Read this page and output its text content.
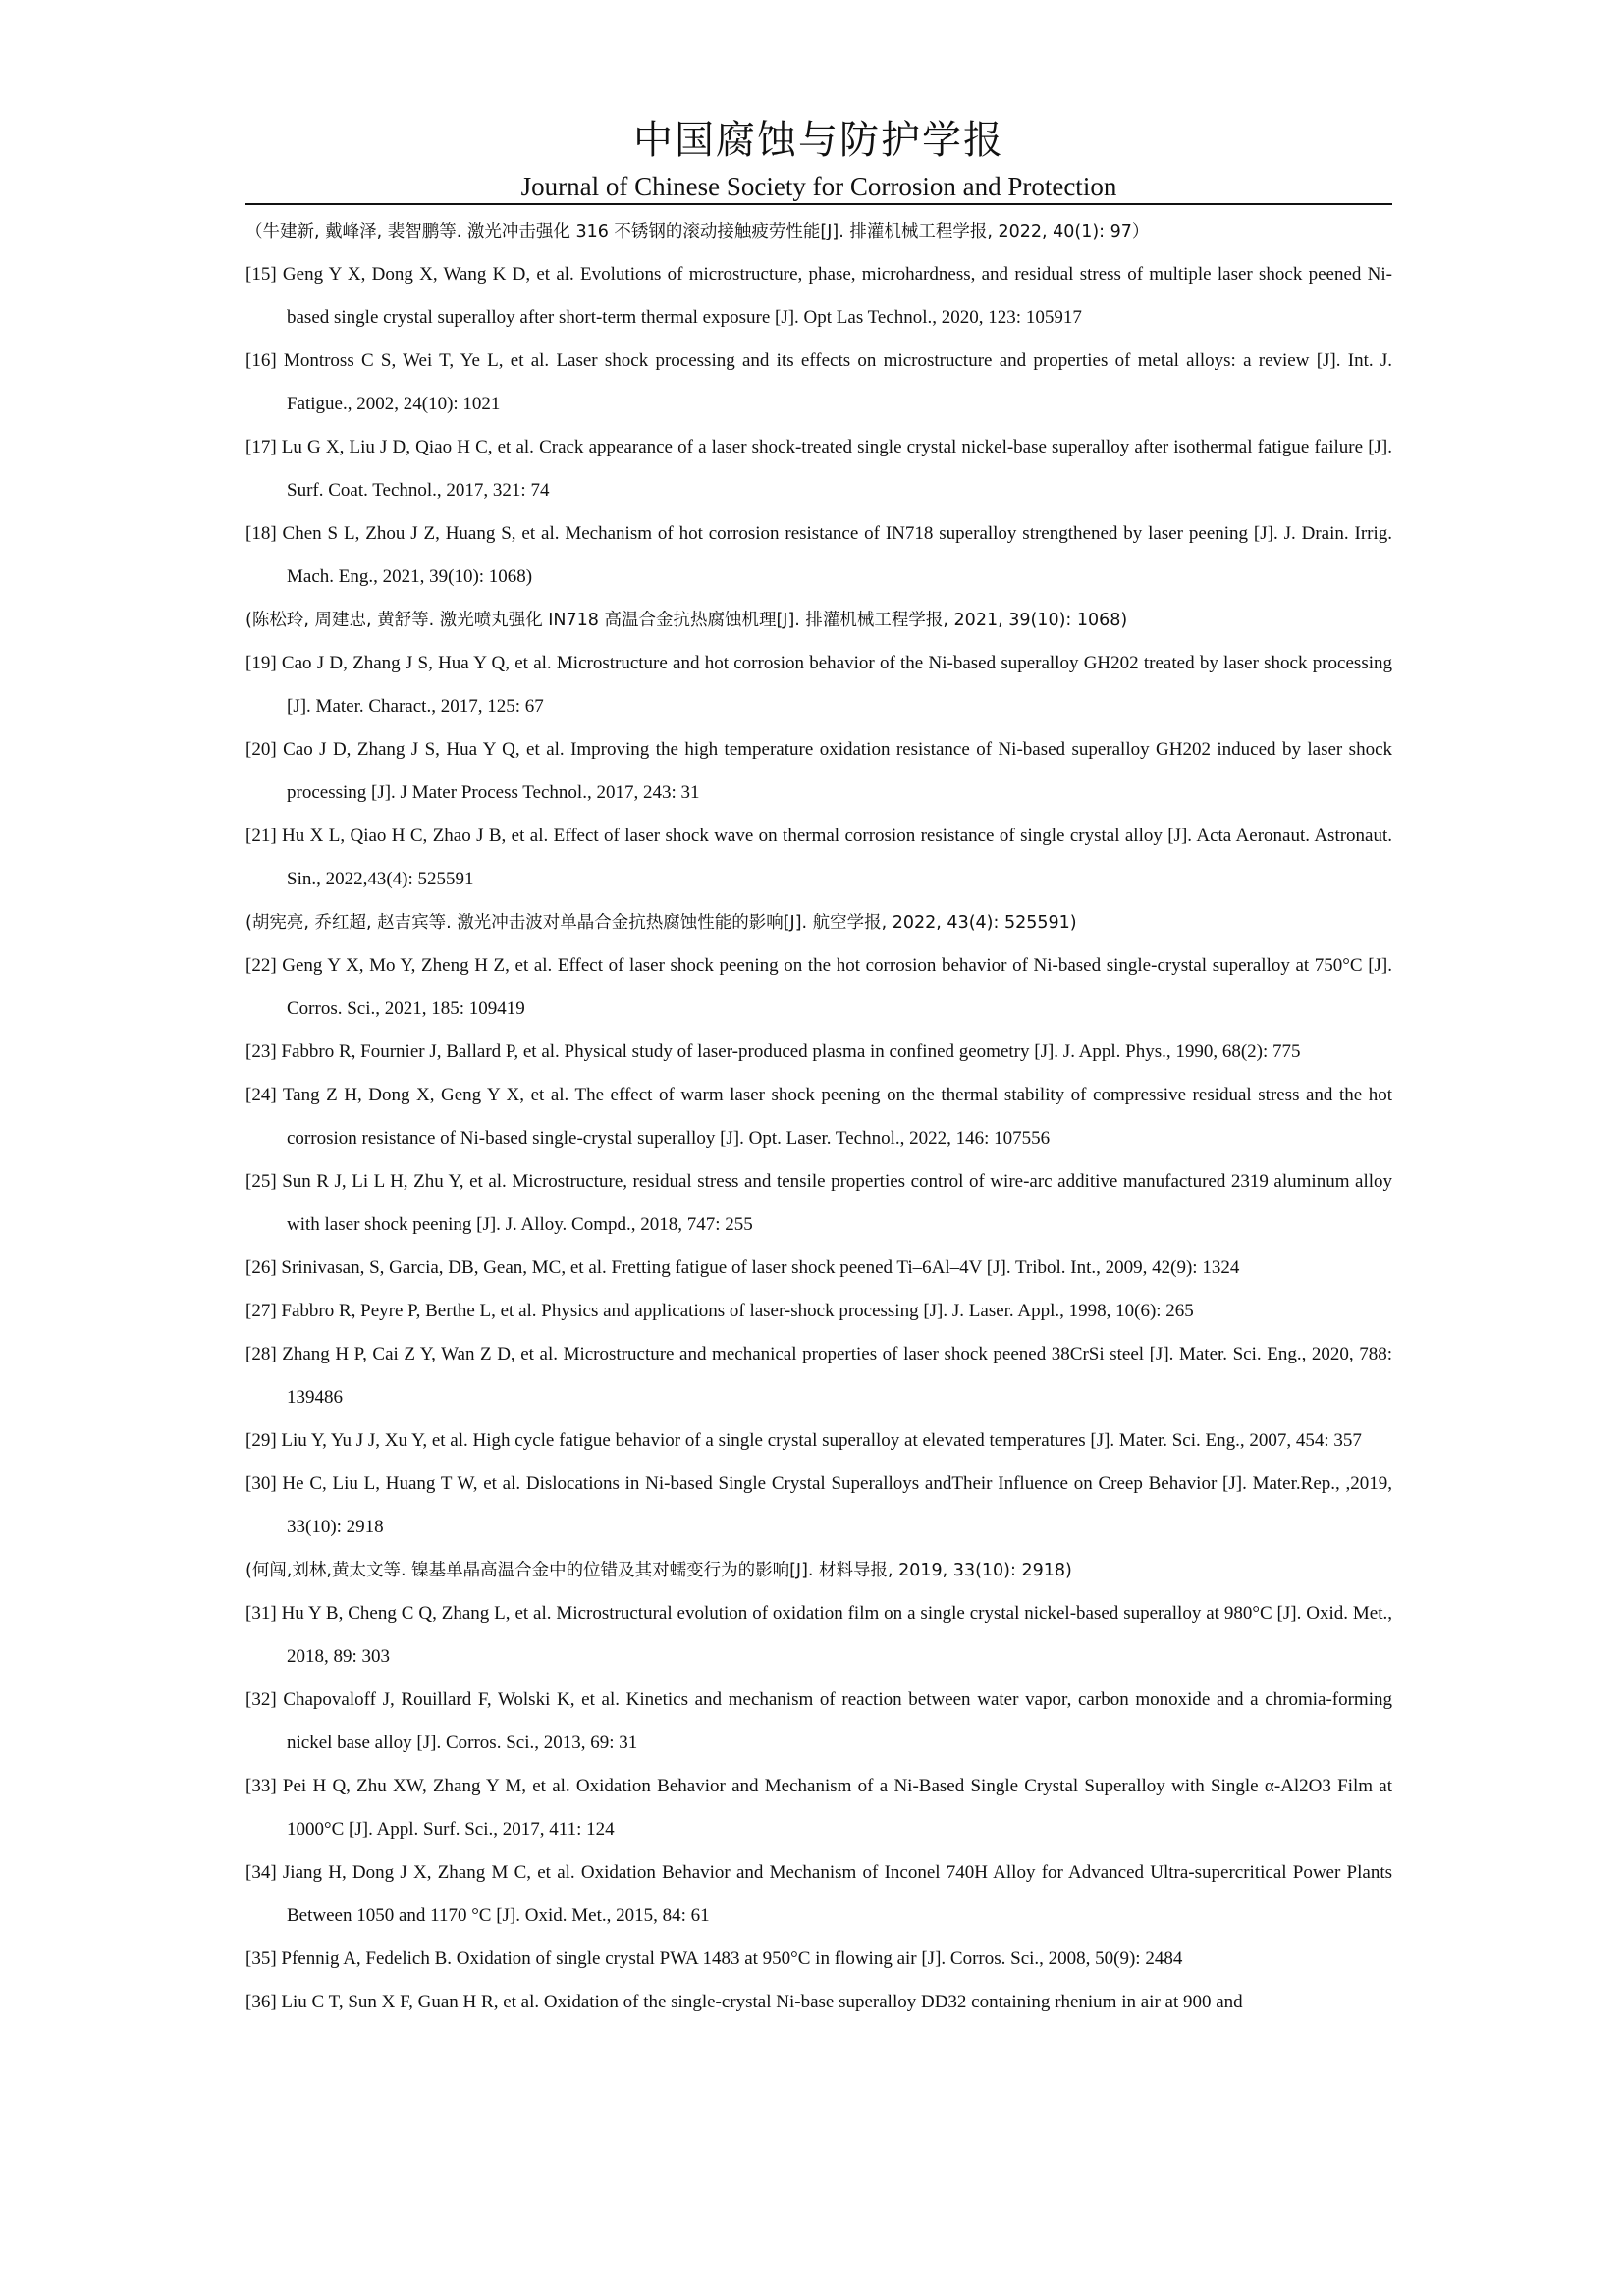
中国腐蚀与防护学报
Journal of Chinese Society for Corrosion and Protection

（牛建新, 戴峰泽, 裴智鹏等. 激光冲击强化 316 不锈钢的滚动接触疲劳性能[J]. 排灌机械工程学报, 2022, 40(1): 97）

[15] Geng Y X, Dong X, Wang K D, et al. Evolutions of microstructure, phase, microhardness, and residual stress of multiple laser shock peened Ni-based single crystal superalloy after short-term thermal exposure [J]. Opt Las Technol., 2020, 123: 105917

[16] Montross C S, Wei T, Ye L, et al. Laser shock processing and its effects on microstructure and properties of metal alloys: a review [J]. Int. J. Fatigue., 2002, 24(10): 1021

[17] Lu G X, Liu J D, Qiao H C, et al. Crack appearance of a laser shock-treated single crystal nickel-base superalloy after isothermal fatigue failure [J]. Surf. Coat. Technol., 2017, 321: 74

[18] Chen S L, Zhou J Z, Huang S, et al. Mechanism of hot corrosion resistance of IN718 superalloy strengthened by laser peening [J]. J. Drain. Irrig. Mach. Eng., 2021, 39(10): 1068)

(陈松玲, 周建忠, 黄舒等. 激光喷丸强化 IN718 高温合金抗热腐蚀机理[J]. 排灌机械工程学报, 2021, 39(10): 1068)

[19] Cao J D, Zhang J S, Hua Y Q, et al. Microstructure and hot corrosion behavior of the Ni-based superalloy GH202 treated by laser shock processing [J]. Mater. Charact., 2017, 125: 67

[20] Cao J D, Zhang J S, Hua Y Q, et al. Improving the high temperature oxidation resistance of Ni-based superalloy GH202 induced by laser shock processing [J]. J Mater Process Technol., 2017, 243: 31

[21] Hu X L, Qiao H C, Zhao J B, et al. Effect of laser shock wave on thermal corrosion resistance of single crystal alloy [J]. Acta Aeronaut. Astronaut. Sin., 2022,43(4): 525591

(胡宪亮, 乔红超, 赵吉宾等. 激光冲击波对单晶合金抗热腐蚀性能的影响[J]. 航空学报, 2022, 43(4): 525591)

[22] Geng Y X, Mo Y, Zheng H Z, et al. Effect of laser shock peening on the hot corrosion behavior of Ni-based single-crystal superalloy at 750°C [J]. Corros. Sci., 2021, 185: 109419

[23] Fabbro R, Fournier J, Ballard P, et al. Physical study of laser-produced plasma in confined geometry [J]. J. Appl. Phys., 1990, 68(2): 775

[24] Tang Z H, Dong X, Geng Y X, et al. The effect of warm laser shock peening on the thermal stability of compressive residual stress and the hot corrosion resistance of Ni-based single-crystal superalloy [J]. Opt. Laser. Technol., 2022, 146: 107556

[25] Sun R J, Li L H, Zhu Y, et al. Microstructure, residual stress and tensile properties control of wire-arc additive manufactured 2319 aluminum alloy with laser shock peening [J]. J. Alloy. Compd., 2018, 747: 255

[26] Srinivasan, S, Garcia, DB, Gean, MC, et al. Fretting fatigue of laser shock peened Ti–6Al–4V [J]. Tribol. Int., 2009, 42(9): 1324

[27] Fabbro R, Peyre P, Berthe L, et al. Physics and applications of laser-shock processing [J]. J. Laser. Appl., 1998, 10(6): 265

[28] Zhang H P, Cai Z Y, Wan Z D, et al. Microstructure and mechanical properties of laser shock peened 38CrSi steel [J]. Mater. Sci. Eng., 2020, 788: 139486

[29] Liu Y, Yu J J, Xu Y, et al. High cycle fatigue behavior of a single crystal superalloy at elevated temperatures [J]. Mater. Sci. Eng., 2007, 454: 357

[30] He C, Liu L, Huang T W, et al. Dislocations in Ni-based Single Crystal Superalloys andTheir Influence on Creep Behavior [J]. Mater.Rep., ,2019, 33(10): 2918

(何闯,刘林,黄太文等. 镍基单晶高温合金中的位错及其对蠕变行为的影响[J]. 材料导报, 2019, 33(10): 2918)

[31] Hu Y B, Cheng C Q, Zhang L, et al. Microstructural evolution of oxidation film on a single crystal nickel-based superalloy at 980°C [J]. Oxid. Met., 2018, 89: 303

[32] Chapovaloff J, Rouillard F, Wolski K, et al. Kinetics and mechanism of reaction between water vapor, carbon monoxide and a chromia-forming nickel base alloy [J]. Corros. Sci., 2013, 69: 31

[33] Pei H Q, Zhu XW, Zhang Y M, et al. Oxidation Behavior and Mechanism of a Ni-Based Single Crystal Superalloy with Single α-Al2O3 Film at 1000°C [J]. Appl. Surf. Sci., 2017, 411: 124

[34] Jiang H, Dong J X, Zhang M C, et al. Oxidation Behavior and Mechanism of Inconel 740H Alloy for Advanced Ultra-supercritical Power Plants Between 1050 and 1170 °C [J]. Oxid. Met., 2015, 84: 61

[35] Pfennig A, Fedelich B. Oxidation of single crystal PWA 1483 at 950°C in flowing air [J]. Corros. Sci., 2008, 50(9): 2484

[36] Liu C T, Sun X F, Guan H R, et al. Oxidation of the single-crystal Ni-base superalloy DD32 containing rhenium in air at 900 and
